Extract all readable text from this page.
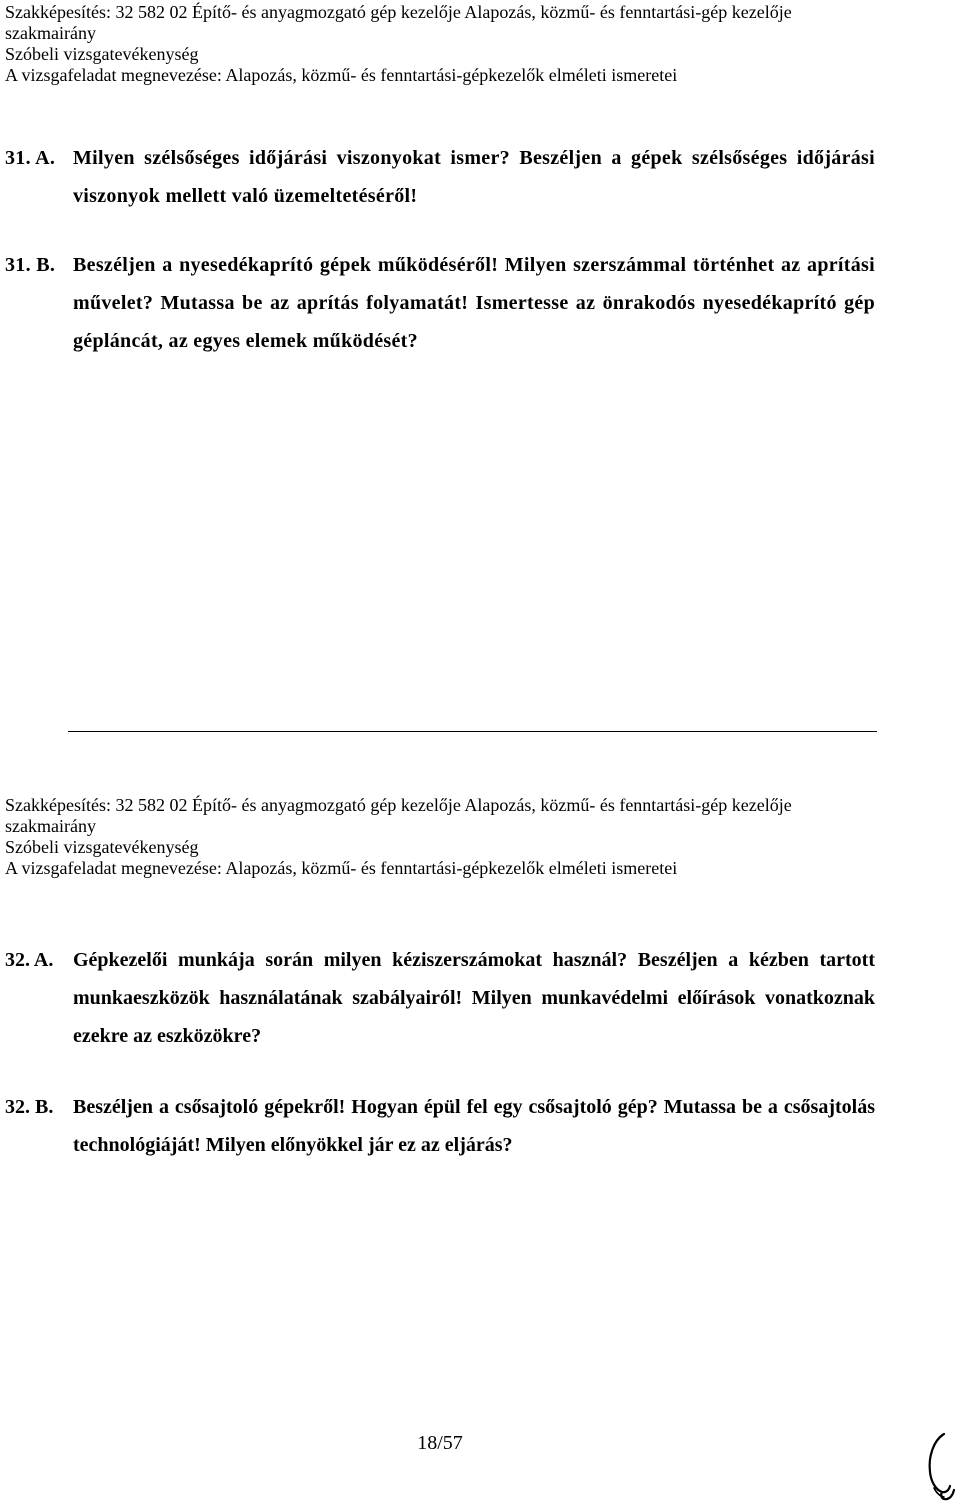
Szakképesítés: 32 582 02 Építő- és anyagmozgató gép kezelője Alapozás, közmű- és fenntartási-gép kezelője
szakmairány
Szóbeli vizsgatevékenység
A vizsgafeladat megnevezése: Alapozás, közmű- és fenntartási-gépkezelők elméleti ismeretei
31. A. Milyen szélsőséges időjárási viszonyokat ismer? Beszéljen a gépek szélsőséges időjárási viszonyok mellett való üzemeltetéséről!
31. B. Beszéljen a nyesedékaprító gépek működéséről! Milyen szerszámmal történhet az aprítási művelet? Mutassa be az aprítás folyamatát! Ismertesse az önrakodós nyesedékaprító gép gépláncát, az egyes elemek működését?
Szakképesítés: 32 582 02 Építő- és anyagmozgató gép kezelője Alapozás, közmű- és fenntartási-gép kezelője
szakmairány
Szóbeli vizsgatevékenység
A vizsgafeladat megnevezése: Alapozás, közmű- és fenntartási-gépkezelők elméleti ismeretei
32. A. Gépkezelői munkája során milyen kéziszerszámokat használ? Beszéljen a kézben tartott munkaeszközök használatának szabályairól! Milyen munkavédelmi előírások vonatkoznak ezekre az eszközökre?
32. B. Beszéljen a csősajtoló gépekről! Hogyan épül fel egy csősajtoló gép? Mutassa be a csősajtolás technológiáját! Milyen előnyökkel jár ez az eljárás?
18/57
